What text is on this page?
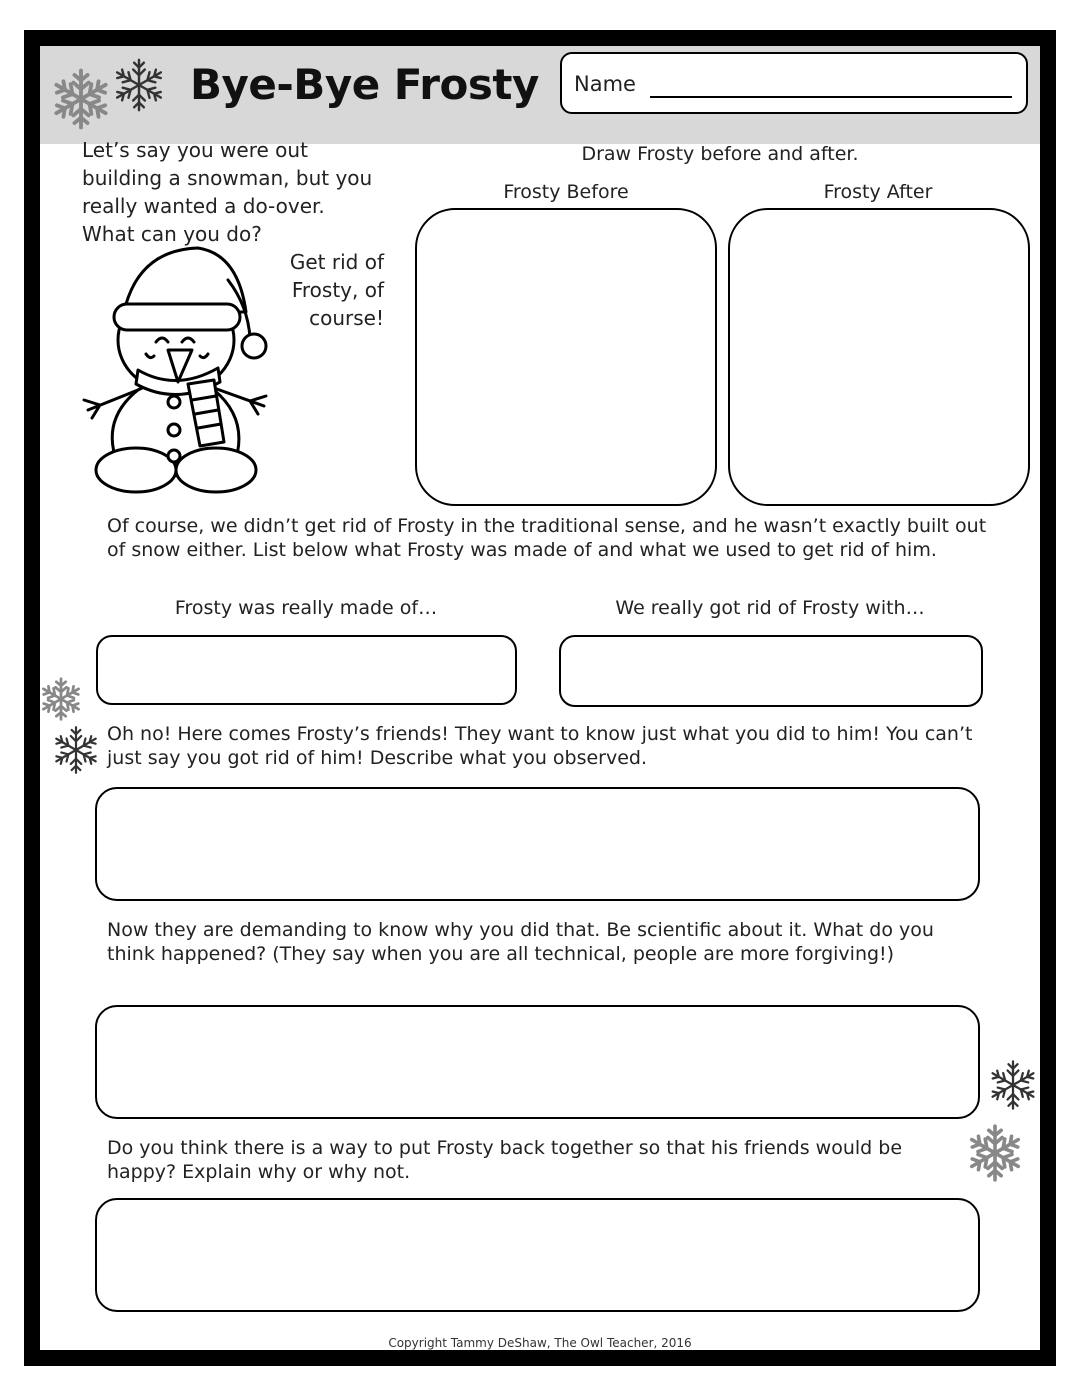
Bye-Bye Frosty Name
Let’s say you were out building a snowman, but you really wanted a do-over. What can you do?
Get rid of Frosty, of course!
Draw Frosty before and after.
Frosty Before	Frosty After
Of course, we didn’t get rid of Frosty in the traditional sense, and he wasn’t exactly built out of snow either. List below what Frosty was made of and what we used to get rid of him.
Frosty was really made of…	We really got rid of Frosty with…
Oh no! Here comes Frosty’s friends! They want to know just what you did to him! You can’t just say you got rid of him! Describe what you observed.
Now they are demanding to know why you did that. Be scientific about it. What do you think happened? (They say when you are all technical, people are more forgiving!)
Do you think there is a way to put Frosty back together so that his friends would be happy? Explain why or why not.
Copyright Tammy DeShaw, The Owl Teacher, 2016
